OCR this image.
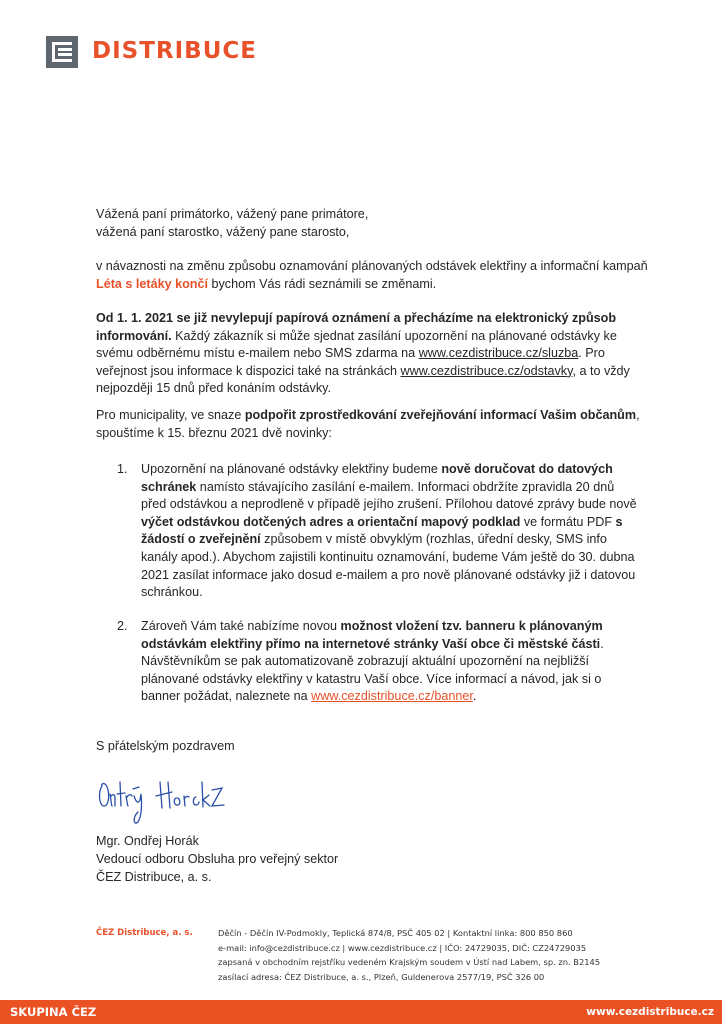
DISTRIBUCE

Vážená paní primátorko, vážený pane primátore,

vážená paní starostko, vážený pane starosto,

v návaznosti na změnu způsobu oznamování plánovaných odstávek elektřiny a informační kampaň Léta s letáky končí bychom Vás rádi seznámili se změnami.

Od 1. 1. 2021 se již nevylepují papírová oznámení a přecházíme na elektronický způsob informování. Každý zákazník si může sjednat zasílání upozornění na plánované odstávky ke svému odběrnému místu e-mailem nebo SMS zdarma na www.cezdistribuce.cz/sluzba. Pro veřejnost jsou informace k dispozici také na stránkách www.cezdistribuce.cz/odstavky, a to vždy nejpozději 15 dnů před konáním odstávky.

Pro municipality, ve snaze podpořit zprostředkování zveřejňování informací Vašim občanům, spouštíme k 15. březnu 2021 dvě novinky:

1.	Upozornění na plánované odstávky elektřiny budeme nově doručovat do datových schránek namísto stávajícího zasílání e-mailem. Informaci obdržíte zpravidla 20 dnů před odstávkou a neprodleně v případě jejího zrušení. Přílohou datové zprávy bude nově výčet odstávkou dotčených adres a orientační mapový podklad ve formátu PDF s žádostí o zveřejnění způsobem v místě obvyklým (rozhlas, úřední desky, SMS info kanály apod.). Abychom zajistili kontinuitu oznamování, budeme Vám ještě do 30. dubna 2021 zasílat informace jako dosud e-mailem a pro nově plánované odstávky již i datovou schránkou.
2.	Zároveň Vám také nabízíme novou možnost vložení tzv. banneru k plánovaným odstávkám elektřiny přímo na internetové stránky Vaší obce či městské části. Návštěvníkům se pak automatizovaně zobrazují aktuální upozornění na nejbližší plánované odstávky elektřiny v katastru Vaší obce. Více informací a návod, jak si o banner požádat, naleznete na www.cezdistribuce.cz/banner.
S přátelským pozdravem

Mgr. Ondřej Horák

Vedoucí odboru Obsluha pro veřejný sektor

ČEZ Distribuce, a. s.

ČEZ Distribuce, a. s.	Děčín - Děčín IV-Podmokly, Teplická 874/8, PSČ 405 02 | Kontaktní linka: 800 850 860

e-mail: info@cezdistribuce.cz | www.cezdistribuce.cz | IČO: 24729035, DIČ: CZ24729035

zapsaná v obchodním rejstříku vedeném Krajským soudem v Ústí nad Labem, sp. zn. B2145

zasílací adresa: ČEZ Distribuce, a. s., Plzeň, Guldenerova 2577/19, PSČ 326 00

SKUPINA ČEZ	www.cezdistribuce.cz
